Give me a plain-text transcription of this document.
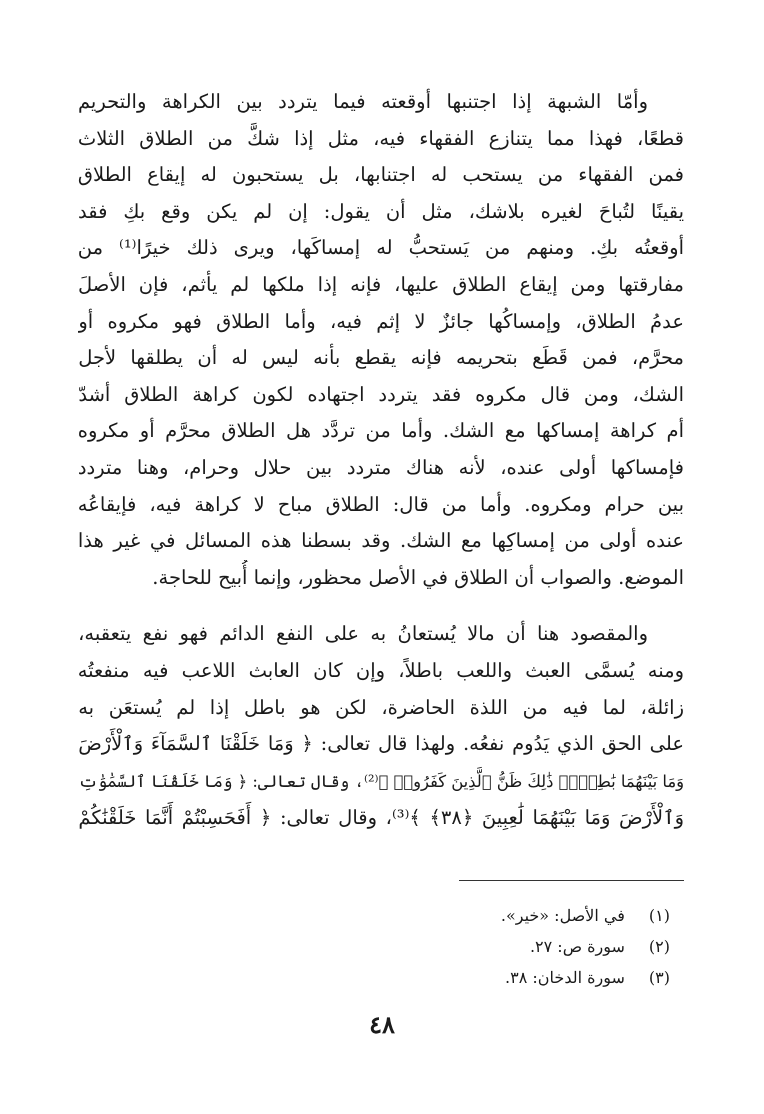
وأمّا الشبهة إذا اجتنبها أوقعته فيما يتردد بين الكراهة والتحريم
قطعًا، فهذا مما يتنازع الفقهاء فيه، مثل إذا شكَّ من الطلاق الثلاث
فمن الفقهاء من يستحب له اجتنابها، بل يستحبون له إيقاع الطلاق
يقينًا لتُباحَ لغيره بلاشك، مثل أن يقول: إن لم يكن وقع بكِ فقد
أوقعتُه بكِ. ومنهم من يَستحبُّ له إمساكَها، ويرى ذلك خيرًا⁽¹⁾ من
مفارقتها ومن إيقاع الطلاق عليها، فإنه إذا ملكها لم يأثم، فإن الأصلَ
عدمُ الطلاق، وإمساكُها جائزٌ لا إثم فيه، وأما الطلاق فهو مكروه أو
محرَّم، فمن قَطَع بتحريمه فإنه يقطع بأنه ليس له أن يطلقها لأجل
الشك، ومن قال مكروه فقد يتردد اجتهاده لكون كراهة الطلاق أشدّ
أم كراهة إمساكها مع الشك. وأما من تردَّد هل الطلاق محرَّم أو مكروه
فإمساكها أولى عنده، لأنه هناك متردد بين حلال وحرام، وهنا متردد
بين حرام ومكروه. وأما من قال: الطلاق مباح لا كراهة فيه، فإيقاعُه
عنده أولى من إمساكِها مع الشك. وقد بسطنا هذه المسائل في غير هذا
الموضع. والصواب أن الطلاق في الأصل محظور، وإنما أُبيح للحاجة.

والمقصود هنا أن مالا يُستعانُ به على النفع الدائم فهو نفع يتعقبه،
ومنه يُسمَّى العبث واللعب باطلاً، وإن كان العابث اللاعب فيه منفعتُه
زائلة، لما فيه من اللذة الحاضرة، لكن هو باطل إذا لم يُستعَن به
على الحق الذي يَدُوم نفعُه. ولهذا قال تعالى: ﴿ وَمَا خَلَقْنَا ٱلسَّمَآءَ وَٱلْأَرْضَ
وَمَا بَيْنَهُمَا بَٰطِلًاۚ ذَٰلِكَ ظَنُّ ٱلَّذِينَ كَفَرُوا۟ ﴾⁽²⁾، وقال تعالى: ﴿ وَمَا خَلَقْنَا ٱلسَّمَٰوَٰتِ
وَٱلْأَرْضَ وَمَا بَيْنَهُمَا لَٰعِبِينَ ﴿٣٨﴾ ﴾⁽³⁾، وقال تعالى: ﴿ أَفَحَسِبْتُمْ أَنَّمَا خَلَقْنَٰكُمْ

(١) في الأصل: «خير».
(٢) سورة ص: ٢٧.
(٣) سورة الدخان: ٣٨.
٤٨
